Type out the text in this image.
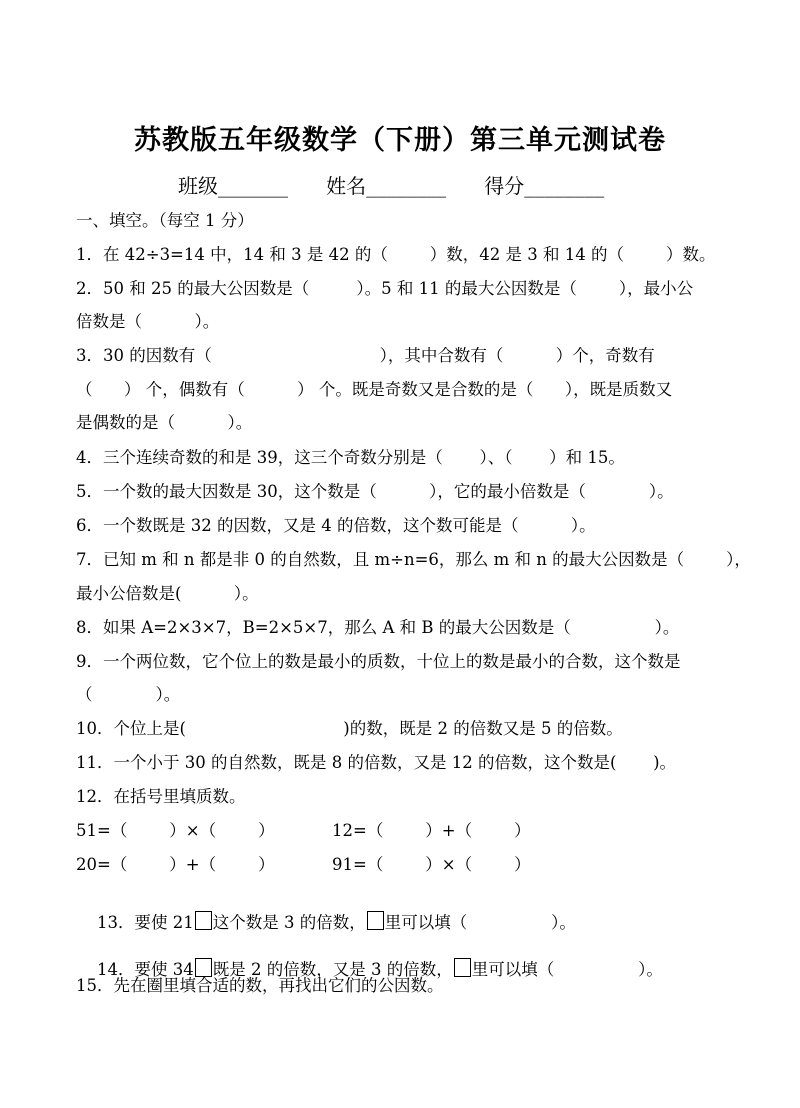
苏教版五年级数学（下册）第三单元测试卷
班级_______      姓名________      得分________
一、填空。（每空 1 分）
1．在 42÷3=14 中，14 和 3 是 42 的（        ）数，42 是 3 和 14 的（        ）数。
2．50 和 25 的最大公因数是（         ）。5 和 11 的最大公因数是（        ），最小公
倍数是（          ）。
3．30 的因数有（                                ），其中合数有（          ）个，奇数有
（      ） 个，偶数有（          ） 个。既是奇数又是合数的是（      ），既是质数又
是偶数的是（          ）。
4．三个连续奇数的和是 39，这三个奇数分别是（       ）、（       ）和 15。
5．一个数的最大因数是 30，这个数是（          ），它的最小倍数是（            ）。
6．一个数既是 32 的因数，又是 4 的倍数，这个数可能是（          ）。
7．已知 m 和 n 都是非 0 的自然数，且 m÷n=6，那么 m 和 n 的最大公因数是（        ），
最小公倍数是(          ）。
8．如果 A=2×3×7，B=2×5×7，那么 A 和 B 的最大公因数是（                ）。
9．一个两位数，它个位上的数是最小的质数，十位上的数是最小的合数，这个数是
（            ）。
10．个位上是(                              )的数，既是 2 的倍数又是 5 的倍数。
11．一个小于 30 的自然数，既是 8 的倍数，又是 12 的倍数，这个数是(       )。
12．在括号里填质数。
51=（        ）×（        ）	12=（        ）+（        ）
20=（        ）+（        ）	91=（        ）×（        ）

13．要使 21 这个数是 3 的倍数， 里可以填（                ）。

14．要使 34 既是 2 的倍数，又是 3 的倍数， 里可以填（                ）。

15．先在圈里填合适的数，再找出它们的公因数。
